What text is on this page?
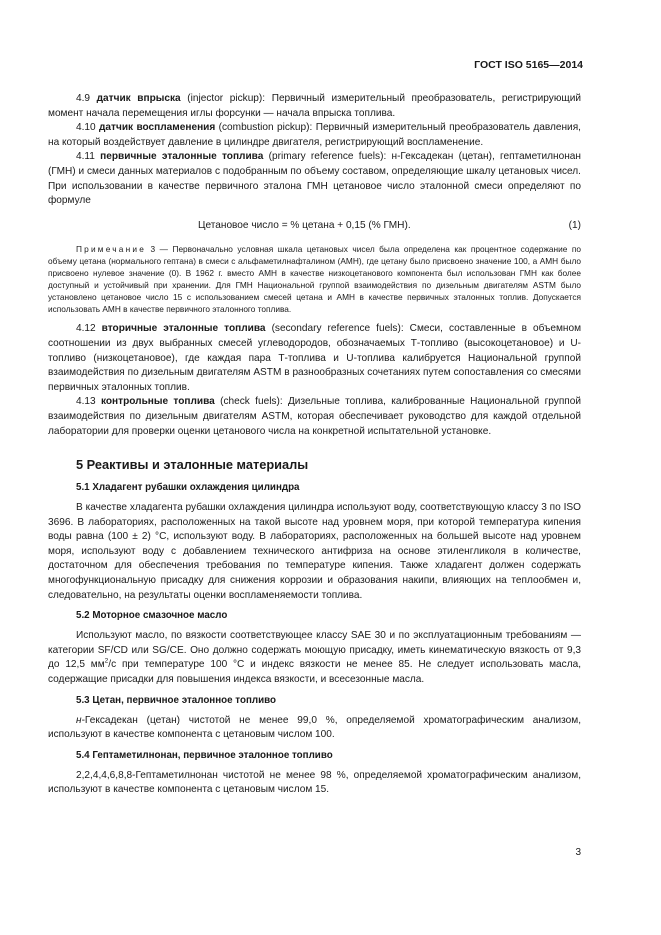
ГОСТ ISO 5165—2014

4.9 датчик впрыска (injector pickup): Первичный измерительный преобразователь, регистрирующий момент начала перемещения иглы форсунки — начала впрыска топлива.

4.10 датчик воспламенения (combustion pickup): Первичный измерительный преобразователь давления, на который воздействует давление в цилиндре двигателя, регистрирующий воспламенение.

4.11 первичные эталонные топлива (primary reference fuels): н-Гексадекан (цетан), гептаметилнонан (ГМН) и смеси данных материалов с подобранным по объему составом, определяющие шкалу цетановых чисел. При использовании в качестве первичного эталона ГМН цетановое число эталонной смеси определяют по формуле

Цетановое число = % цетана + 0,15 (% ГМН).	(1)
Примечание 3 — Первоначально условная шкала цетановых чисел была определена как процентное содержание по объему цетана (нормального гептана) в смеси с альфаметилнафталином (АМН), где цетану было присвоено значение 100, а АМН было присвоено нулевое значение (0). В 1962 г. вместо АМН в качестве низкоцетанового компонента был использован ГМН как более доступный и устойчивый при хранении. Для ГМН Национальной группой взаимодействия по дизельным двигателям ASTM было установлено цетановое число 15 с использованием смесей цетана и АМН в качестве первичных эталонных топлив. Допускается использовать АМН в качестве первичного эталонного топлива.

4.12 вторичные эталонные топлива (secondary reference fuels): Смеси, составленные в объемном соотношении из двух выбранных смесей углеводородов, обозначаемых Т-топливо (высокоцетановое) и U-топливо (низкоцетановое), где каждая пара Т-топлива и U-топлива калибруется Национальной группой взаимодействия по дизельным двигателям ASTM в разнообразных сочетаниях путем сопоставления со смесями первичных эталонных топлив.

4.13 контрольные топлива (check fuels): Дизельные топлива, калиброванные Национальной группой взаимодействия по дизельным двигателям ASTM, которая обеспечивает руководство для каждой отдельной лаборатории для проверки оценки цетанового числа на конкретной испытательной установке.

5 Реактивы и эталонные материалы
5.1 Хладагент рубашки охлаждения цилиндра

В качестве хладагента рубашки охлаждения цилиндра используют воду, соответствующую классу 3 по ISO 3696. В лабораториях, расположенных на такой высоте над уровнем моря, при которой температура кипения воды равна (100 ± 2) °С, используют воду. В лабораториях, расположенных на большей высоте над уровнем моря, используют воду с добавлением технического антифриза на основе этиленгликоля в количестве, достаточном для обеспечения требования по температуре кипения. Также хладагент должен содержать многофункциональную присадку для снижения коррозии и образования накипи, влияющих на теплообмен и, следовательно, на результаты оценки воспламеняемости топлива.

5.2 Моторное смазочное масло

Используют масло, по вязкости соответствующее классу SAE 30 и по эксплуатационным требованиям — категории SF/CD или SG/CE. Оно должно содержать моющую присадку, иметь кинематическую вязкость от 9,3 до 12,5 $мм^2/с$ при температуре 100 °С и индекс вязкости не менее 85. Не следует использовать масла, содержащие присадки для повышения индекса вязкости, и всесезонные масла.

5.3 Цетан, первичное эталонное топливо

н-Гексадекан (цетан) чистотой не менее 99,0 %, определяемой хроматографическим анализом, используют в качестве компонента с цетановым числом 100.

5.4 Гептаметилнонан, первичное эталонное топливо

2,2,4,4,6,8,8-Гептаметилнонан чистотой не менее 98 %, определяемой хроматографическим анализом, используют в качестве компонента с цетановым числом 15.

3
